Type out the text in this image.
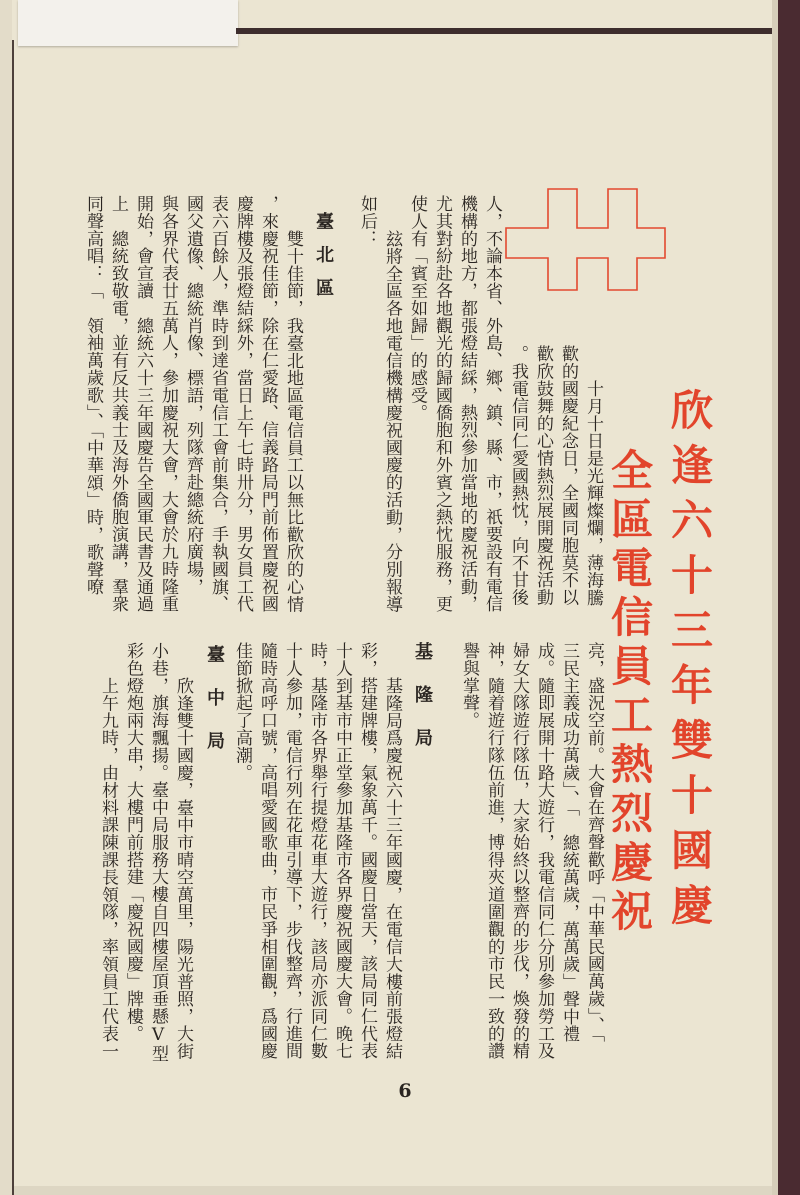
欣逢六十三年雙十國慶
全區電信員工熱烈慶祝
十月十日是光輝燦爛，薄海騰
歡的國慶紀念日，全國同胞莫不以
歡欣鼓舞的心情熱烈展開慶祝活動
。我電信同仁愛國熱忱，向不甘後
人，不論本省、外島、鄉、鎮、縣、市，祇要設有電信
機構的地方，都張燈結綵，熱烈參加當地的慶祝活動，
尤其對紛赴各地觀光的歸國僑胞和外賓之熱忱服務，更
使人有「賓至如歸」的感受。
玆將全區各地電信機構慶祝國慶的活動，分別報導
如后：
臺北區
雙十佳節，我臺北地區電信員工以無比歡欣的心情
，來慶祝佳節，除在仁愛路、信義路局門前佈置慶祝國
慶牌樓及張燈結綵外，當日上午七時卅分，男女員工代
表六百餘人，準時到達省電信工會前集合，手執國旗、
國父遺像、總統肖像、標語，列隊齊赴總統府廣場，
與各界代表廿五萬人，參加慶祝大會，大會於九時隆重
開始，會宣讀　總統六十三年國慶告全國軍民書及通過
上　總統致敬電，並有反共義士及海外僑胞演講，羣衆
同聲高唱：「　領袖萬歲歌」、「中華頌」時，歌聲嘹
亮，盛況空前。大會在齊聲歡呼「中華民國萬歲」、「
三民主義成功萬歲」、「　總統萬歲，萬萬歲」聲中禮
成。隨即展開十路大遊行，我電信同仁分別參加勞工及
婦女大隊遊行隊伍，大家始終以整齊的步伐，煥發的精
神，隨着遊行隊伍前進，博得夾道圍觀的市民一致的讚
譽與掌聲。
基隆局
基隆局爲慶祝六十三年國慶，在電信大樓前張燈結
彩，搭建牌樓，氣象萬千。國慶日當天，該局同仁代表
十人到基市中正堂參加基隆市各界慶祝國慶大會。晚七
時，基隆市各界舉行提燈花車大遊行，該局亦派同仁數
十人參加，電信行列在花車引導下，步伐整齊，行進間
隨時高呼口號，高唱愛國歌曲，市民爭相圍觀，爲國慶
佳節掀起了高潮。
臺中局
欣逢雙十國慶，臺中市晴空萬里，陽光普照，大街
小巷，旗海飄揚。臺中局服務大樓自四樓屋頂垂懸V型
彩色燈炮兩大串，大樓門前搭建「慶祝國慶」牌樓。
上午九時，由材料課陳課長領隊，率領員工代表一
6
